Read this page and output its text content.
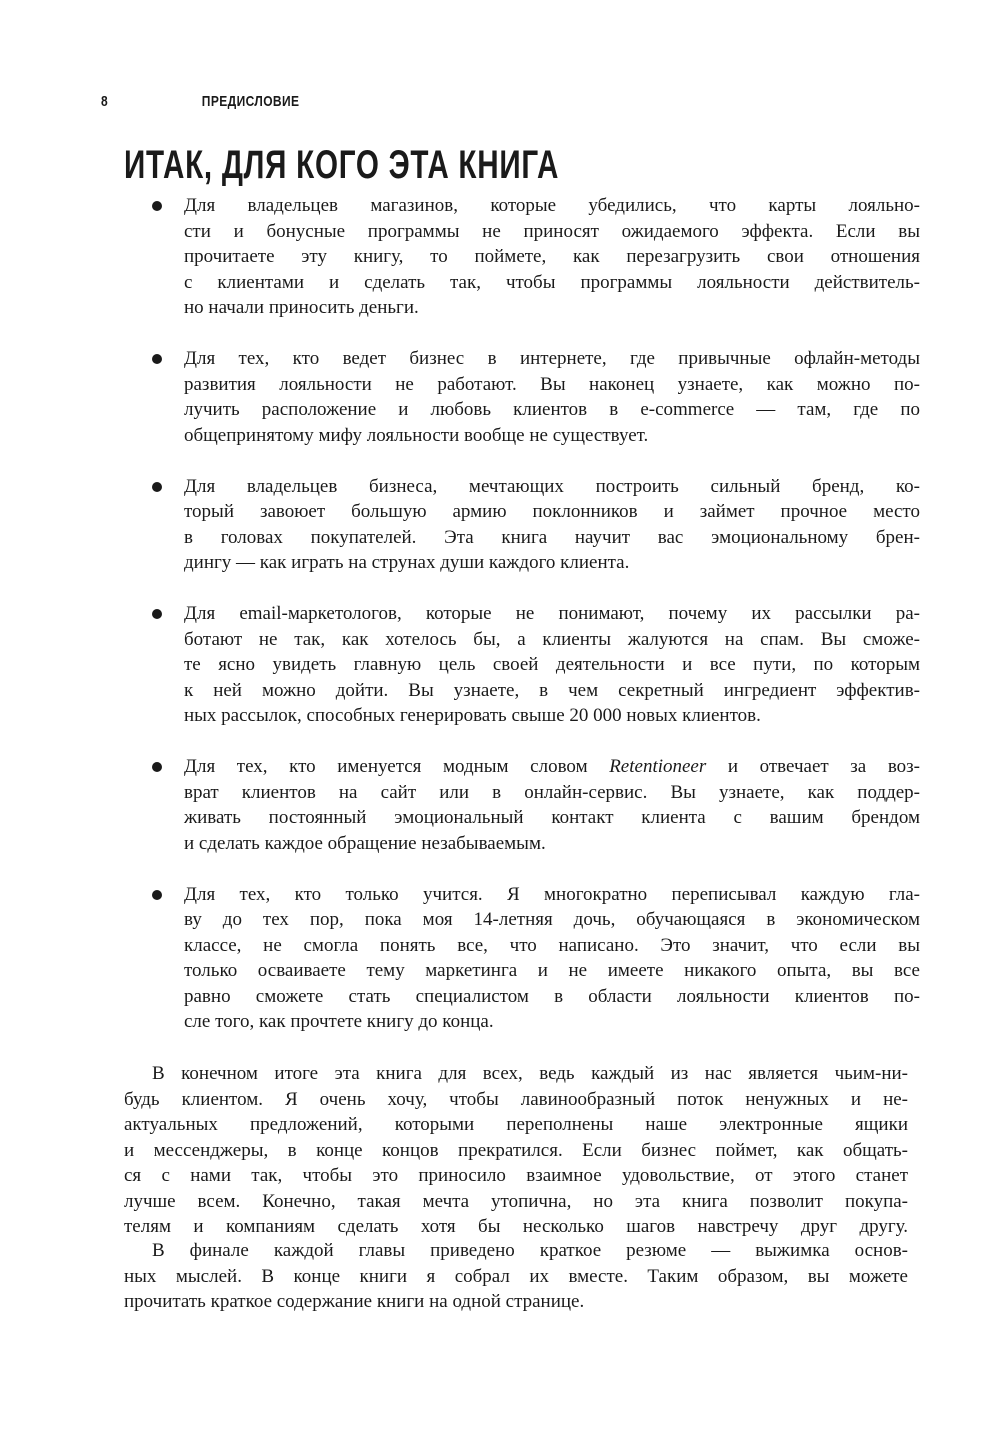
8	ПРЕДИСЛОВИЕ
ИТАК, ДЛЯ КОГО ЭТА КНИГА
Для владельцев магазинов, которые убедились, что карты лояльно-
сти и бонусные программы не приносят ожидаемого эффекта. Если вы
прочитаете эту книгу, то поймете, как перезагрузить свои отношения
с клиентами и сделать так, чтобы программы лояльности действитель-
но начали приносить деньги.
Для тех, кто ведет бизнес в интернете, где привычные офлайн-методы
развития лояльности не работают. Вы наконец узнаете, как можно по-
лучить расположение и любовь клиентов в e-commerce — там, где по
общепринятому мифу лояльности вообще не существует.
Для владельцев бизнеса, мечтающих построить сильный бренд, ко-
торый завоюет большую армию поклонников и займет прочное место
в головах покупателей. Эта книга научит вас эмоциональному брен-
дингу — как играть на струнах души каждого клиента.
Для email-маркетологов, которые не понимают, почему их рассылки ра-
ботают не так, как хотелось бы, а клиенты жалуются на спам. Вы сможе-
те ясно увидеть главную цель своей деятельности и все пути, по которым
к ней можно дойти. Вы узнаете, в чем секретный ингредиент эффектив-
ных рассылок, способных генерировать свыше 20 000 новых клиентов.
Для тех, кто именуется модным словом Retentioneer и отвечает за воз-
врат клиентов на сайт или в онлайн-сервис. Вы узнаете, как поддер-
живать постоянный эмоциональный контакт клиента с вашим брендом
и сделать каждое обращение незабываемым.
Для тех, кто только учится. Я многократно переписывал каждую гла-
ву до тех пор, пока моя 14-летняя дочь, обучающаяся в экономическом
классе, не смогла понять все, что написано. Это значит, что если вы
только осваиваете тему маркетинга и не имеете никакого опыта, вы все
равно сможете стать специалистом в области лояльности клиентов по-
сле того, как прочтете книгу до конца.
В конечном итоге эта книга для всех, ведь каждый из нас является чьим-ни-
будь клиентом. Я очень хочу, чтобы лавинообразный поток ненужных и не-
актуальных предложений, которыми переполнены наше электронные ящики
и мессенджеры, в конце концов прекратился. Если бизнес поймет, как общать-
ся с нами так, чтобы это приносило взаимное удовольствие, от этого станет
лучше всем. Конечно, такая мечта утопична, но эта книга позволит покупа-
телям и компаниям сделать хотя бы несколько шагов навстречу друг другу.
В финале каждой главы приведено краткое резюме — выжимка основ-
ных мыслей. В конце книги я собрал их вместе. Таким образом, вы можете
прочитать краткое содержание книги на одной странице.
